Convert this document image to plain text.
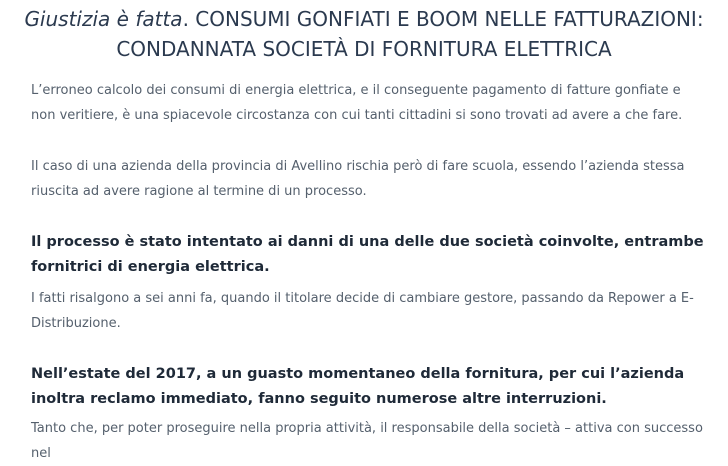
Giustizia è fatta. CONSUMI GONFIATI E BOOM NELLE FATTURAZIONI: CONDANNATA SOCIETÀ DI FORNITURA ELETTRICA

L’erroneo calcolo dei consumi di energia elettrica, e il conseguente pagamento di fatture gonfiate e non veritiere, è una spiacevole circostanza con cui tanti cittadini si sono trovati ad avere a che fare.

Il caso di una azienda della provincia di Avellino rischia però di fare scuola, essendo l’azienda stessa riuscita ad avere ragione al termine di un processo.

Il processo è stato intentato ai danni di una delle due società coinvolte, entrambe fornitrici di energia elettrica.

I fatti risalgono a sei anni fa, quando il titolare decide di cambiare gestore, passando da Repower a E-Distribuzione.

Nell’estate del 2017, a un guasto momentaneo della fornitura, per cui l’azienda inoltra reclamo immediato, fanno seguito numerose altre interruzioni.

Tanto che, per poter proseguire nella propria attività, il responsabile della società – attiva con successo nel
